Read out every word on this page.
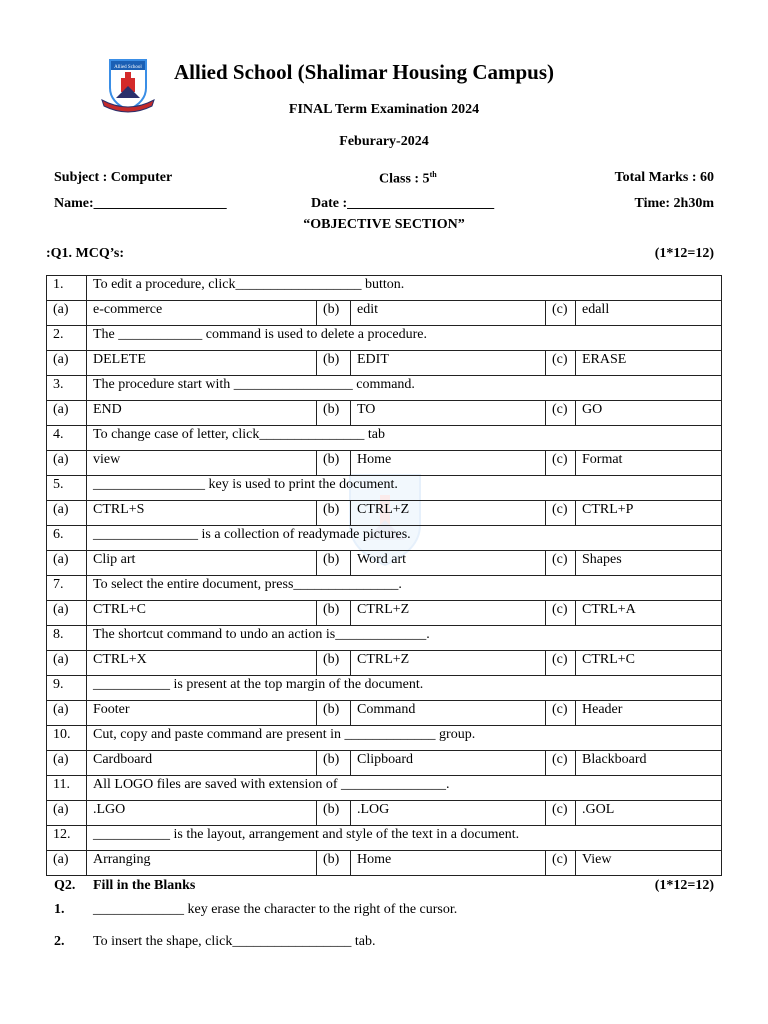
Allied School Allied School (Shalimar Housing Campus)
FINAL Term Examination 2024
Feburary-2024
Subject : Computer	Class : 5th	Total Marks : 60
Name:___________________	Date :_____________________	Time: 2h30m
“OBJECTIVE SECTION”
:Q1. MCQ’s:	(1*12=12)
1.	To edit a procedure, click__________________ button.				
(a)	e-commerce	(b)	edit	(c)	edall
2.	The ____________ command is used to delete a procedure.				
(a)	DELETE	(b)	EDIT	(c)	ERASE
3.	The procedure start with _________________ command.				
(a)	END	(b)	TO	(c)	GO
4.	To change case of letter, click_______________ tab				
(a)	view	(b)	Home	(c)	Format
5.	________________ key is used to print the document.				
(a)	CTRL+S	(b)	CTRL+Z	(c)	CTRL+P
6.	_______________ is a collection of readymade pictures.				
(a)	Clip art	(b)	Word art	(c)	Shapes
7.	To select the entire document, press_______________.				
(a)	CTRL+C	(b)	CTRL+Z	(c)	CTRL+A
8.	The shortcut command to undo an action is_____________.				
(a)	CTRL+X	(b)	CTRL+Z	(c)	CTRL+C
9.	___________ is present at the top margin of the document.				
(a)	Footer	(b)	Command	(c)	Header
10.	Cut, copy and paste command are present in _____________ group.				
(a)	Cardboard	(b)	Clipboard	(c)	Blackboard
11.	All LOGO files are saved with extension of _______________.				
(a)	.LGO	(b)	.LOG	(c)	.GOL
12.	___________ is the layout, arrangement and style of the text in a document.				
(a)	Arranging	(b)	Home	(c)	View
Q2. Fill in the Blanks	(1*12=12)
1. _____________ key erase the character to the right of the cursor.
2. To insert the shape, click_________________ tab.
